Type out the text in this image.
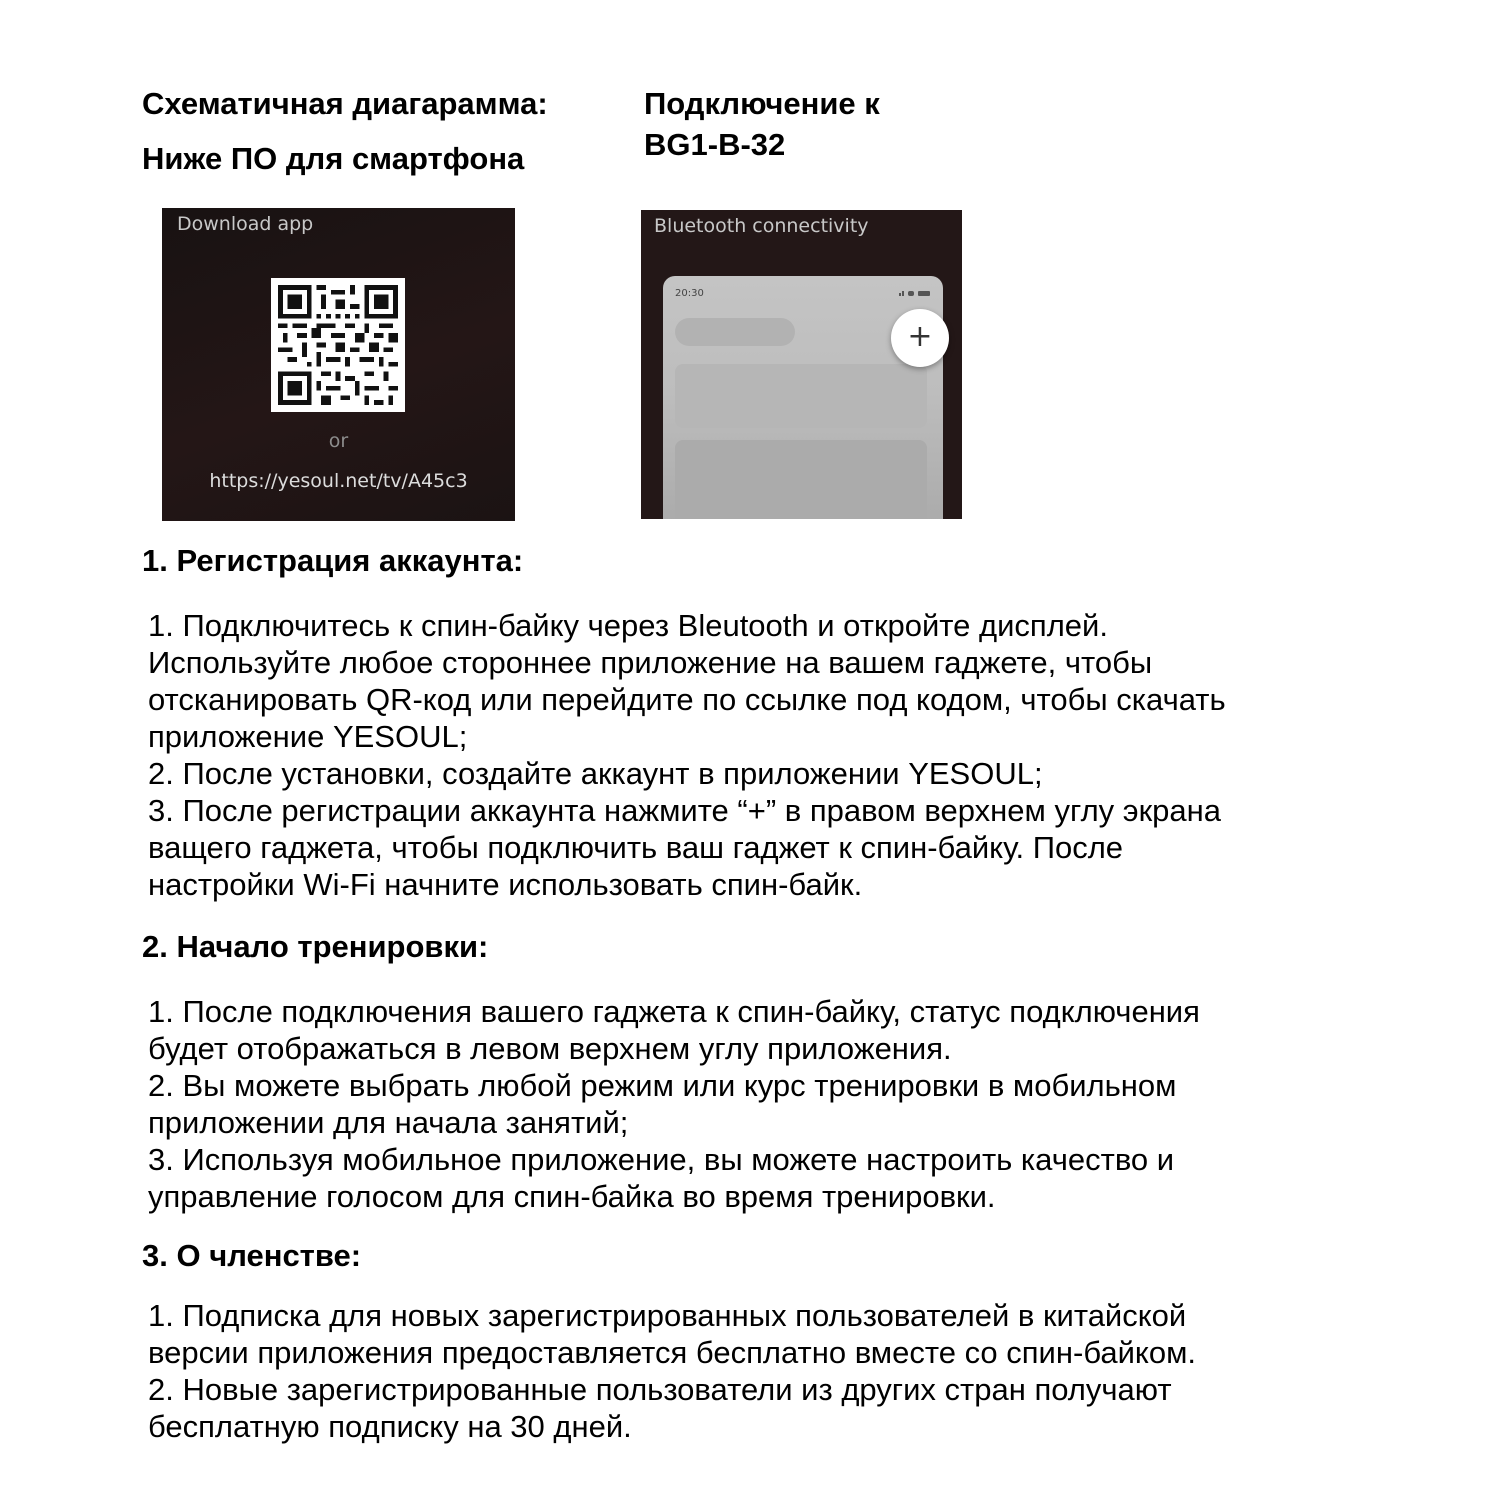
Схематичная диагарамма:
Ниже ПО для смартфона
Подключение к
BG1-B-32
Download app
or
https://yesoul.net/tv/A45c3
Bluetooth connectivity
20:30
+
1. Регистрация аккаунта:
1. Подключитесь к спин-байку через Bleutooth и откройте дисплей.
Используйте любое стороннее приложение на вашем гаджете, чтобы
отсканировать QR-код или перейдите по ссылке под кодом, чтобы скачать
приложение YESOUL;
2. После установки, создайте аккаунт в приложении YESOUL;
3. После регистрации аккаунта нажмите “+” в правом верхнем углу экрана
ващего гаджета, чтобы подключить ваш гаджет к спин-байку. После
настройки Wi-Fi начните использовать спин-байк.
2. Начало тренировки:
1. После подключения вашего гаджета к спин-байку, статус подключения
будет отображаться в левом верхнем углу приложения.
2. Вы можете выбрать любой режим или курс тренировки в мобильном
приложении для начала занятий;
3. Используя мобильное приложение, вы можете настроить качество и
управление голосом для спин-байка во время тренировки.
3. О членстве:
1. Подписка для новых зарегистрированных пользователей в китайской
версии приложения предоставляется бесплатно вместе со спин-байком.
2. Новые зарегистрированные пользователи из других стран получают
бесплатную подписку на 30 дней.
